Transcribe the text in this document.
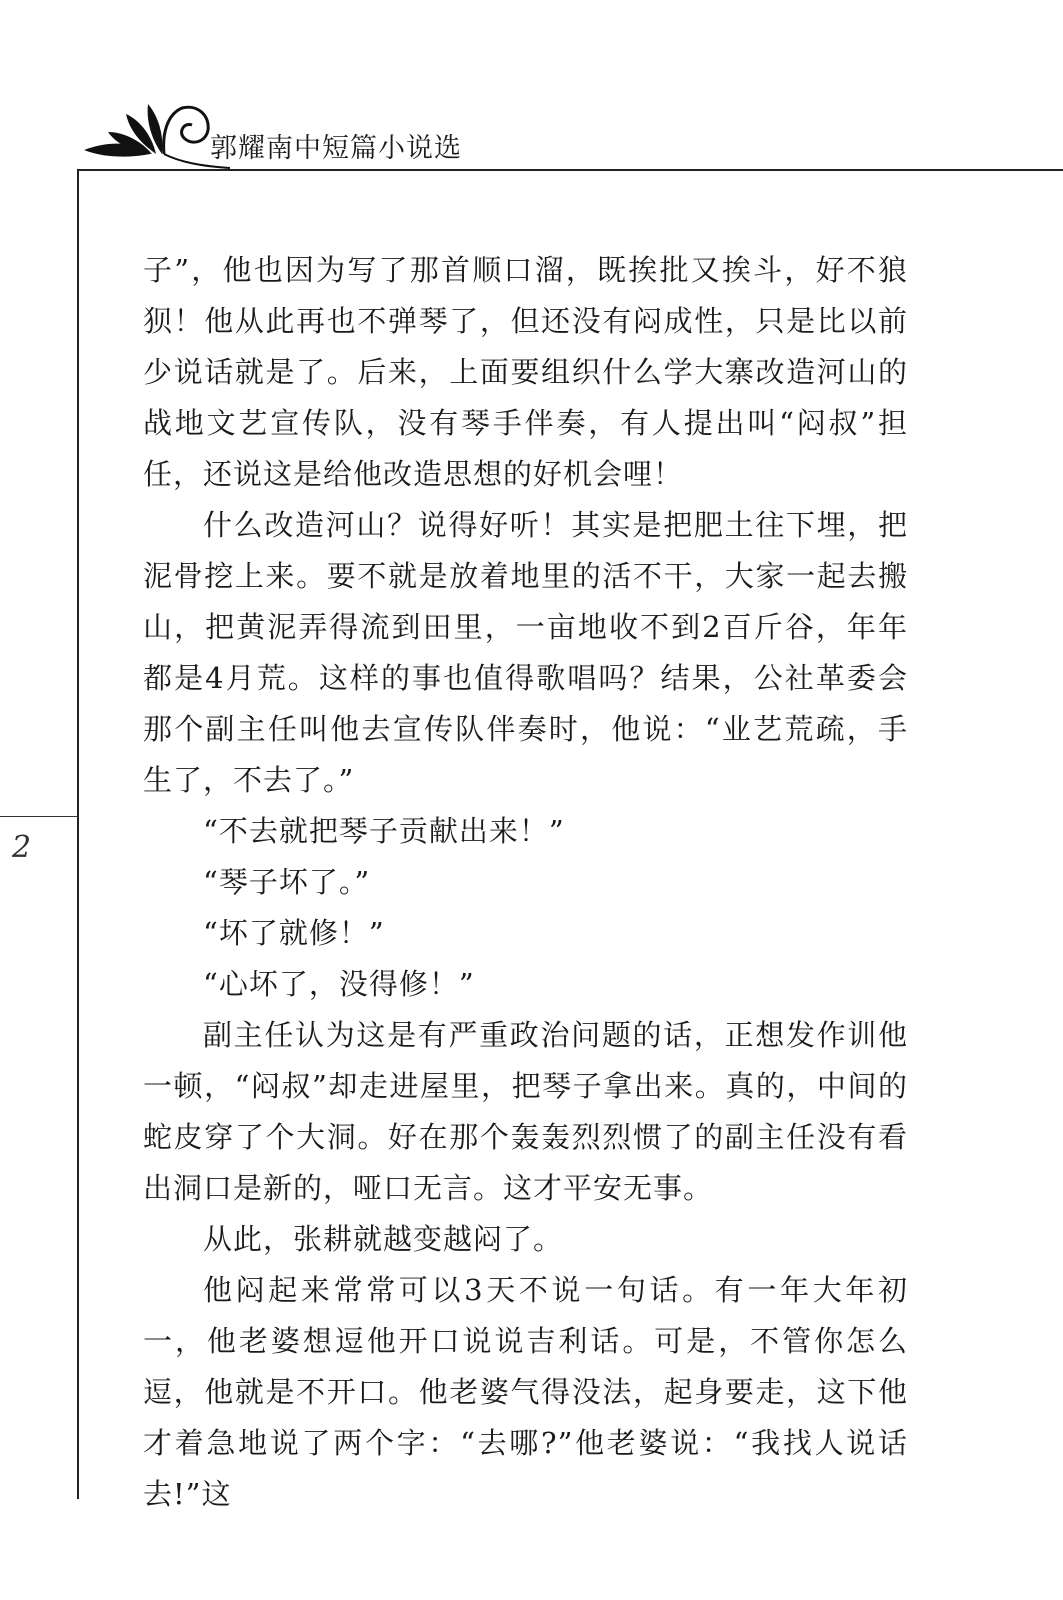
郭耀南中短篇小说选
2

子”，他也因为写了那首顺口溜，既挨批又挨斗，好不狼狈！他从此再也不弹琴了，但还没有闷成性，只是比以前少说话就是了。后来，上面要组织什么学大寨改造河山的战地文艺宣传队，没有琴手伴奏，有人提出叫“闷叔”担任，还说这是给他改造思想的好机会哩！

什么改造河山？说得好听！其实是把肥土往下埋，把泥骨挖上来。要不就是放着地里的活不干，大家一起去搬山，把黄泥弄得流到田里，一亩地收不到2百斤谷，年年都是4月荒。这样的事也值得歌唱吗？结果，公社革委会那个副主任叫他去宣传队伴奏时，他说：“业艺荒疏，手生了，不去了。”

“不去就把琴子贡献出来！”

“琴子坏了。”

“坏了就修！”

“心坏了，没得修！”

副主任认为这是有严重政治问题的话，正想发作训他一顿，“闷叔”却走进屋里，把琴子拿出来。真的，中间的蛇皮穿了个大洞。好在那个轰轰烈烈惯了的副主任没有看出洞口是新的，哑口无言。这才平安无事。

从此，张耕就越变越闷了。

他闷起来常常可以3天不说一句话。有一年大年初一，他老婆想逗他开口说说吉利话。可是，不管你怎么逗，他就是不开口。他老婆气得没法，起身要走，这下他才着急地说了两个字：“去哪?”他老婆说：“我找人说话去!”这
